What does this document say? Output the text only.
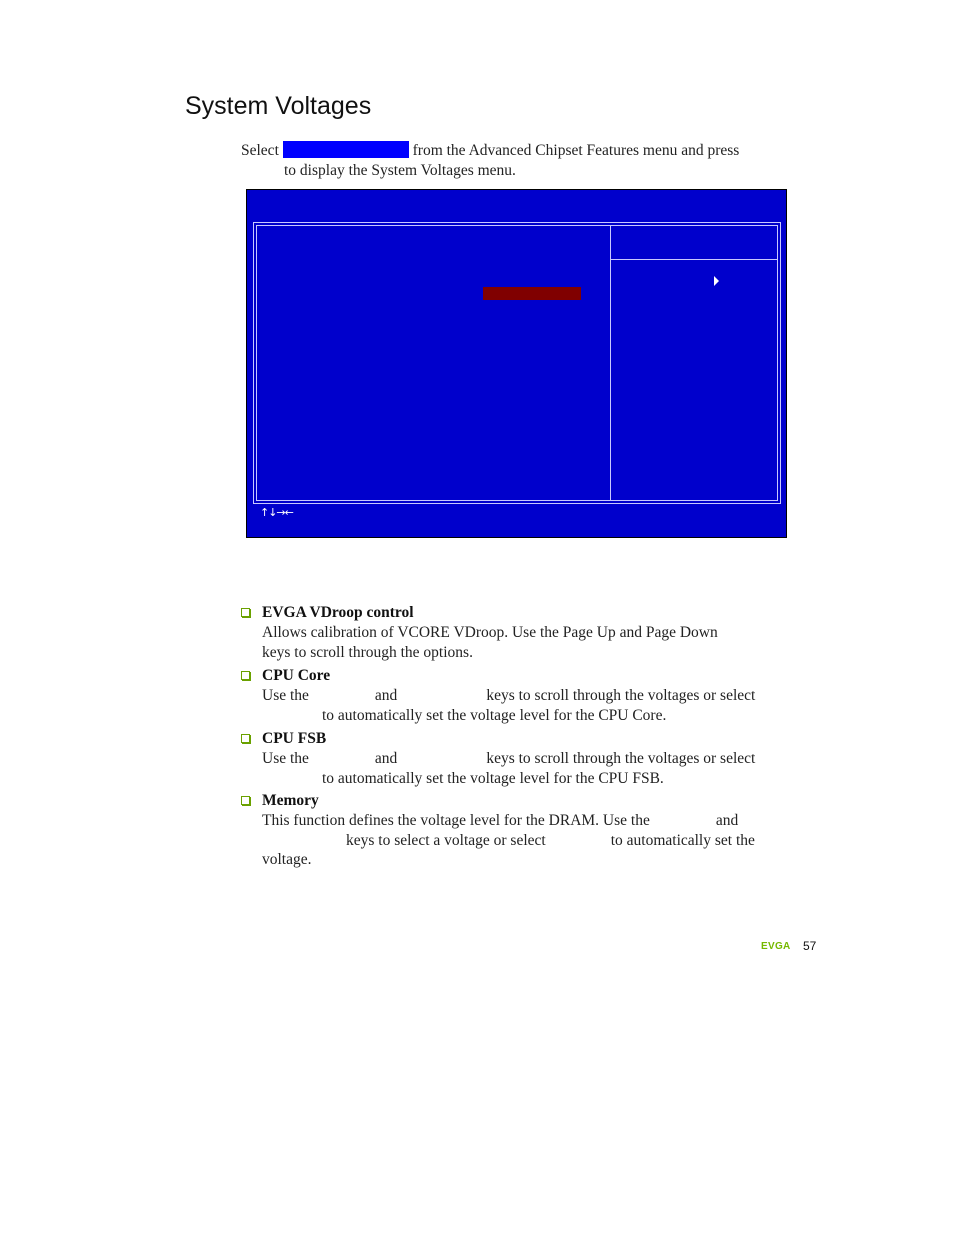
System Voltages
Select	from the Advanced Chipset Features menu and press
to display the System Voltages menu.
↑↓→←
EVGA VDroop control
Allows calibration of VCORE VDroop. Use the Page Up and Page Down
keys to scroll through the options.
CPU Core
Use the	and	keys to scroll through the voltages or select
to automatically set the voltage level for the CPU Core.
CPU FSB
Use the	and	keys to scroll through the voltages or select
to automatically set the voltage level for the CPU FSB.
Memory
This function defines the voltage level for the DRAM. Use the	and
keys to select a voltage or select	to automatically set the
voltage.
EVGA 57
